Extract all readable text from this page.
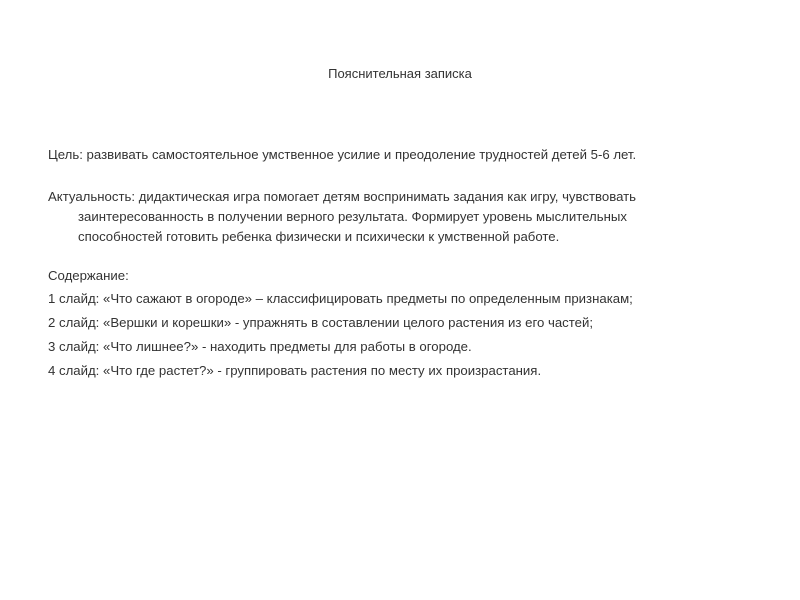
Пояснительная записка

Цель: развивать самостоятельное умственное усилие и преодоление трудностей детей 5-6 лет.

Актуальность: дидактическая игра помогает детям воспринимать задания как игру, чувствовать
заинтересованность в получении верного результата. Формирует уровень мыслительных
способностей готовить ребенка физически и психически к умственной работе.

Содержание:

1 слайд: «Что сажают в огороде» – классифицировать предметы по определенным признакам;

2 слайд: «Вершки и корешки» - упражнять в составлении целого растения из его частей;

3 слайд: «Что лишнее?» - находить предметы для работы в огороде.

4 слайд: «Что где растет?» - группировать растения по месту их произрастания.
